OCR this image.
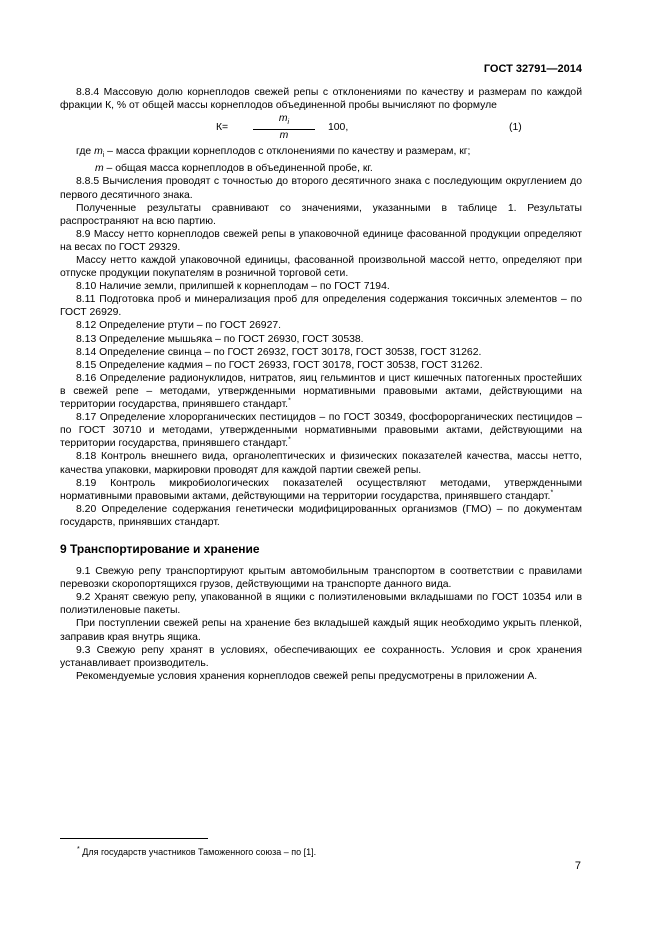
ГОСТ 32791—2014

8.8.4 Массовую долю корнеплодов свежей репы с отклонениями по качеству и размерам по каждой фракции К, % от общей массы корнеплодов объединенной пробы вычисляют по формуле

К=
$m_i$
m
100,	(1)

где $m_i$ – масса фракции корнеплодов с отклонениями по качеству и размерам, кг;

m – общая масса корнеплодов в объединенной пробе, кг.

8.8.5 Вычисления проводят с точностью до второго десятичного знака с последующим округлением до первого десятичного знака.

Полученные результаты сравнивают со значениями, указанными в таблице 1. Результаты распространяют на всю партию.

8.9 Массу нетто корнеплодов свежей репы в упаковочной единице фасованной продукции определяют на весах по ГОСТ 29329.

Массу нетто каждой упаковочной единицы, фасованной произвольной массой нетто, определяют при отпуске продукции покупателям в розничной торговой сети.

8.10 Наличие земли, прилипшей к корнеплодам – по ГОСТ 7194.

8.11 Подготовка проб и минерализация проб для определения содержания токсичных элементов – по ГОСТ 26929.

8.12 Определение ртути – по ГОСТ 26927.

8.13 Определение мышьяка – по ГОСТ 26930, ГОСТ 30538.

8.14 Определение свинца – по ГОСТ 26932, ГОСТ 30178, ГОСТ 30538, ГОСТ 31262.

8.15 Определение кадмия – по ГОСТ 26933, ГОСТ 30178, ГОСТ 30538, ГОСТ 31262.

8.16 Определение радионуклидов, нитратов, яиц гельминтов и цист кишечных патогенных простейших в свежей репе – методами, утвержденными нормативными правовыми актами, действующими на территории государства, принявшего стандарт.*

8.17 Определение хлорорганических пестицидов – по ГОСТ 30349, фосфорорганических пестицидов – по ГОСТ 30710 и методами, утвержденными нормативными правовыми актами, действующими на территории государства, принявшего стандарт.*

8.18 Контроль внешнего вида, органолептических и физических показателей качества, массы нетто, качества упаковки, маркировки проводят для каждой партии свежей репы.

8.19 Контроль микробиологических показателей осуществляют методами, утвержденными нормативными правовыми актами, действующими на территории государства, принявшего стандарт.*

8.20 Определение содержания генетически модифицированных организмов (ГМО) – по документам государств, принявших стандарт.

9 Транспортирование и хранение

9.1 Свежую репу транспортируют крытым автомобильным транспортом в соответствии с правилами перевозки скоропортящихся грузов, действующими на транспорте данного вида.

9.2 Хранят свежую репу, упакованной в ящики с полиэтиленовыми вкладышами по ГОСТ 10354 или в полиэтиленовые пакеты.

При поступлении свежей репы на хранение без вкладышей каждый ящик необходимо укрыть пленкой, заправив края внутрь ящика.

9.3 Свежую репу хранят в условиях, обеспечивающих ее сохранность. Условия и срок хранения устанавливает производитель.

Рекомендуемые условия хранения корнеплодов свежей репы предусмотрены в приложении А.

* Для государств участников Таможенного союза – по [1].
7
